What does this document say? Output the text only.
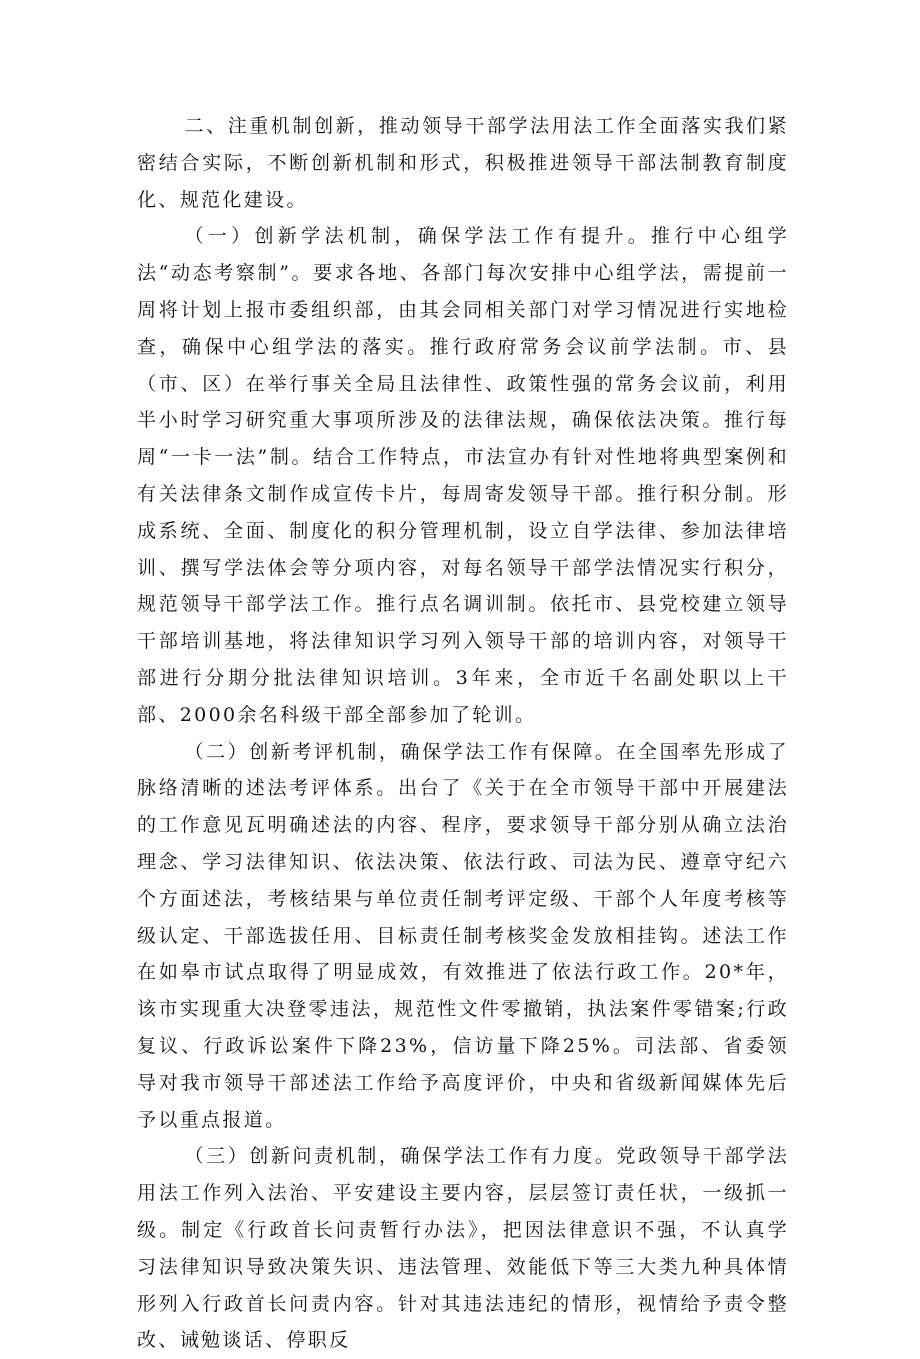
二、注重机制创新，推动领导干部学法用法工作全面落实我们紧密结合实际，不断创新机制和形式，积极推进领导干部法制教育制度化、规范化建设。

（一）创新学法机制，确保学法工作有提升。推行中心组学法“动态考察制”。要求各地、各部门每次安排中心组学法，需提前一周将计划上报市委组织部，由其会同相关部门对学习情况进行实地检查，确保中心组学法的落实。推行政府常务会议前学法制。市、县（市、区）在举行事关全局且法律性、政策性强的常务会议前，利用半小时学习研究重大事项所涉及的法律法规，确保依法决策。推行每周“一卡一法”制。结合工作特点，市法宣办有针对性地将典型案例和有关法律条文制作成宣传卡片，每周寄发领导干部。推行积分制。形成系统、全面、制度化的积分管理机制，设立自学法律、参加法律培训、撰写学法体会等分项内容，对每名领导干部学法情况实行积分，规范领导干部学法工作。推行点名调训制。依托市、县党校建立领导干部培训基地，将法律知识学习列入领导干部的培训内容，对领导干部进行分期分批法律知识培训。3年来，全市近千名副处职以上干部、2000余名科级干部全部参加了轮训。

（二）创新考评机制，确保学法工作有保障。在全国率先形成了脉络清晰的述法考评体系。出台了《关于在全市领导干部中开展建法的工作意见瓦明确述法的内容、程序，要求领导干部分别从确立法治理念、学习法律知识、依法决策、依法行政、司法为民、遵章守纪六个方面述法，考核结果与单位责任制考评定级、干部个人年度考核等级认定、干部选拔任用、目标责任制考核奖金发放相挂钩。述法工作在如皋市试点取得了明显成效，有效推进了依法行政工作。20*年，该市实现重大决登零违法，规范性文件零撤销，执法案件零错案;行政复议、行政诉讼案件下降23%，信访量下降25%。司法部、省委领导对我市领导干部述法工作给予高度评价，中央和省级新闻媒体先后予以重点报道。

（三）创新问责机制，确保学法工作有力度。党政领导干部学法用法工作列入法治、平安建设主要内容，层层签订责任状，一级抓一级。制定《行政首长问责暂行办法》，把因法律意识不强，不认真学习法律知识导致决策失识、违法管理、效能低下等三大类九种具体情形列入行政首长问责内容。针对其违法违纪的情形，视情给予责令整改、诫勉谈话、停职反
